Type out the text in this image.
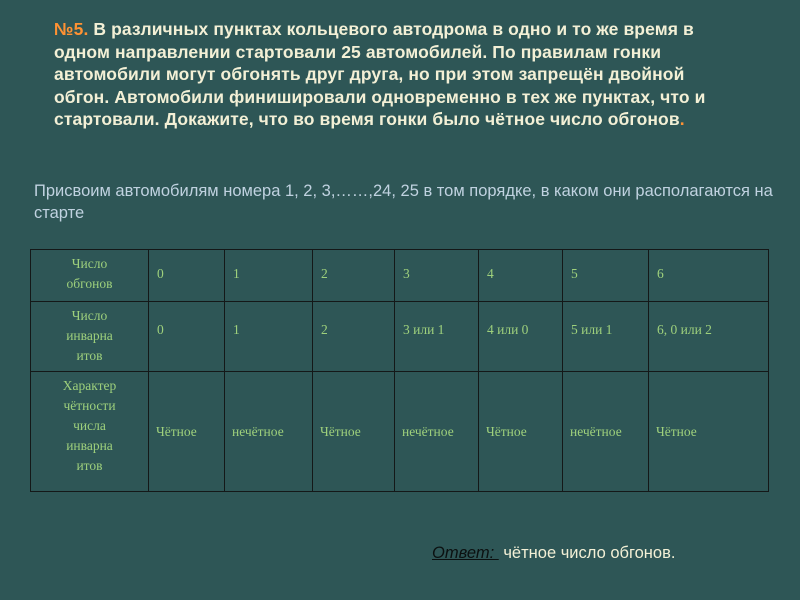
№5. В различных пунктах кольцевого автодрома в одно и то же время в одном направлении стартовали 25 автомобилей. По правилам гонки автомобили могут обгонять друг друга, но при этом запрещён двойной обгон. Автомобили финишировали одновременно в тех же пунктах, что и стартовали. Докажите, что во время гонки было чётное число обгонов.

Присвоим автомобилям номера 1, 2, 3,……,24, 25 в том порядке, в каком они располагаются на старте

Число
обгонов	0	1	2	3	4	5	6
Число
инварна
итов	0	1	2	3 или 1	4 или 0	5 или 1	6, 0 или 2
Характер
чётности
числа
инварна
итов	Чётное	нечётное	Чётное	нечётное	Чётное	нечётное	Чётное
Ответ:  чётное число обгонов.
